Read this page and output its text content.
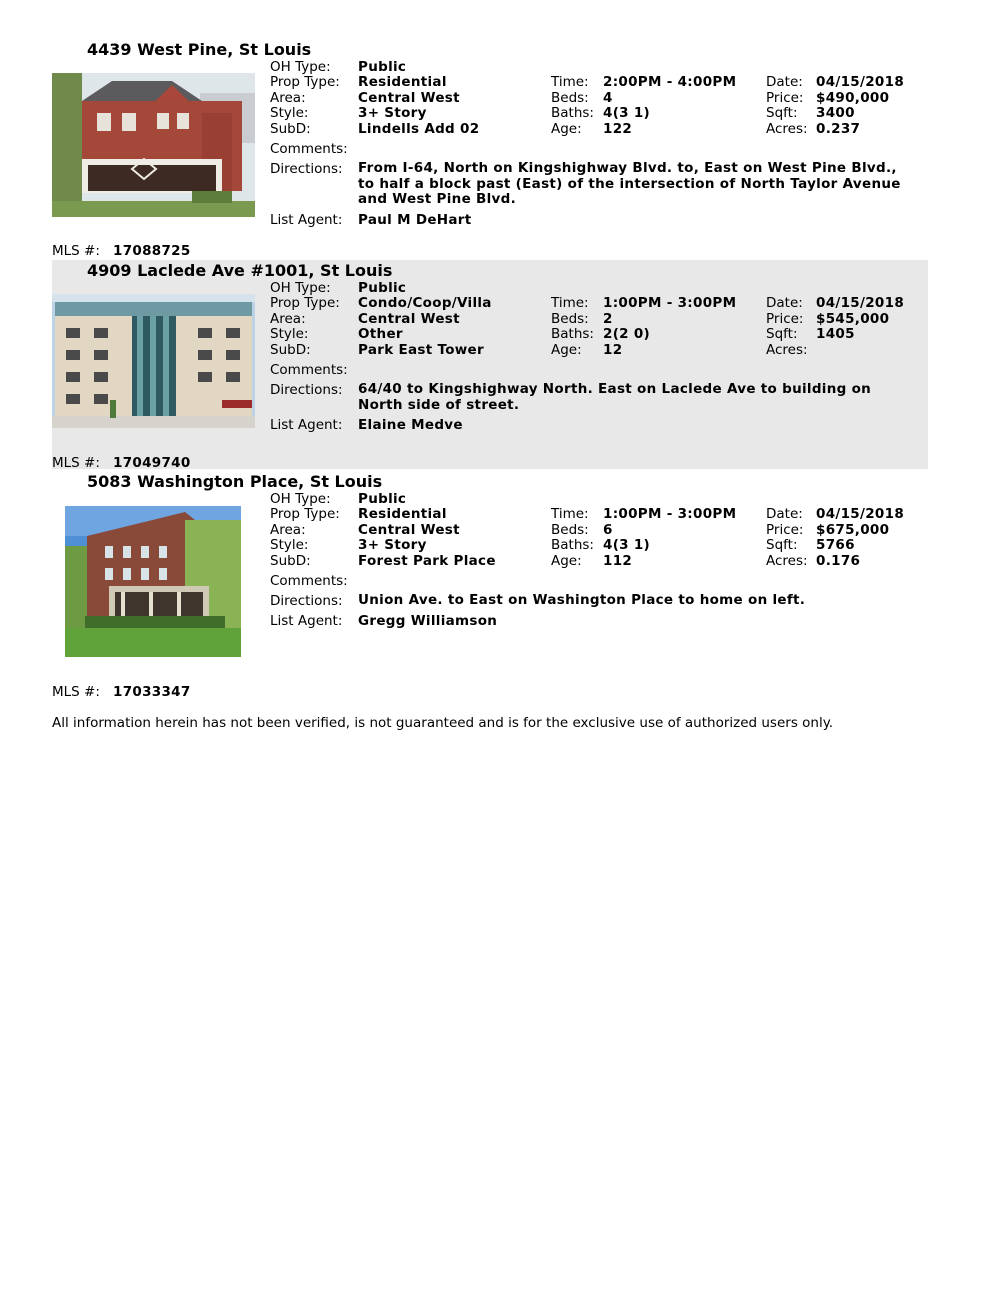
4439 West Pine, St Louis
OH Type: Public
Prop Type: Residential
Area:	Central West
Style:	3+ Story
SubD:	Lindells Add 02
Time: 2:00PM - 4:00PM
Beds: 4
Baths: 4(3 1)
Age: 122
Date: 04/15/2018
Price: $490,000
Sqft: 3400
Acres: 0.237
Comments:
Directions: From I-64, North on Kingshighway Blvd. to, East on West Pine Blvd., to half a block past (East) of the intersection of North Taylor Avenue and West Pine Blvd.
List Agent: Paul M DeHart
MLS #: 17088725
4909 Laclede Ave #1001, St Louis
OH Type: Public
Prop Type: Condo/Coop/Villa
Area:	Central West
Style:	Other
SubD:	Park East Tower
Time: 1:00PM - 3:00PM
Beds: 2
Baths: 2(2 0)
Age: 12
Date: 04/15/2018
Price: $545,000
Sqft: 1405
Acres:
Comments:
Directions: 64/40 to Kingshighway North. East on Laclede Ave to building on North side of street.
List Agent: Elaine Medve
MLS #: 17049740
5083 Washington Place, St Louis
OH Type: Public
Prop Type: Residential
Area:	Central West
Style:	3+ Story
SubD:	Forest Park Place
Time: 1:00PM - 3:00PM
Beds: 6
Baths: 4(3 1)
Age: 112
Date: 04/15/2018
Price: $675,000
Sqft: 5766
Acres: 0.176
Comments:
Directions: Union Ave. to East on Washington Place to home on left.
List Agent: Gregg Williamson
MLS #: 17033347
All information herein has not been verified, is not guaranteed and is for the exclusive use of authorized users only.
